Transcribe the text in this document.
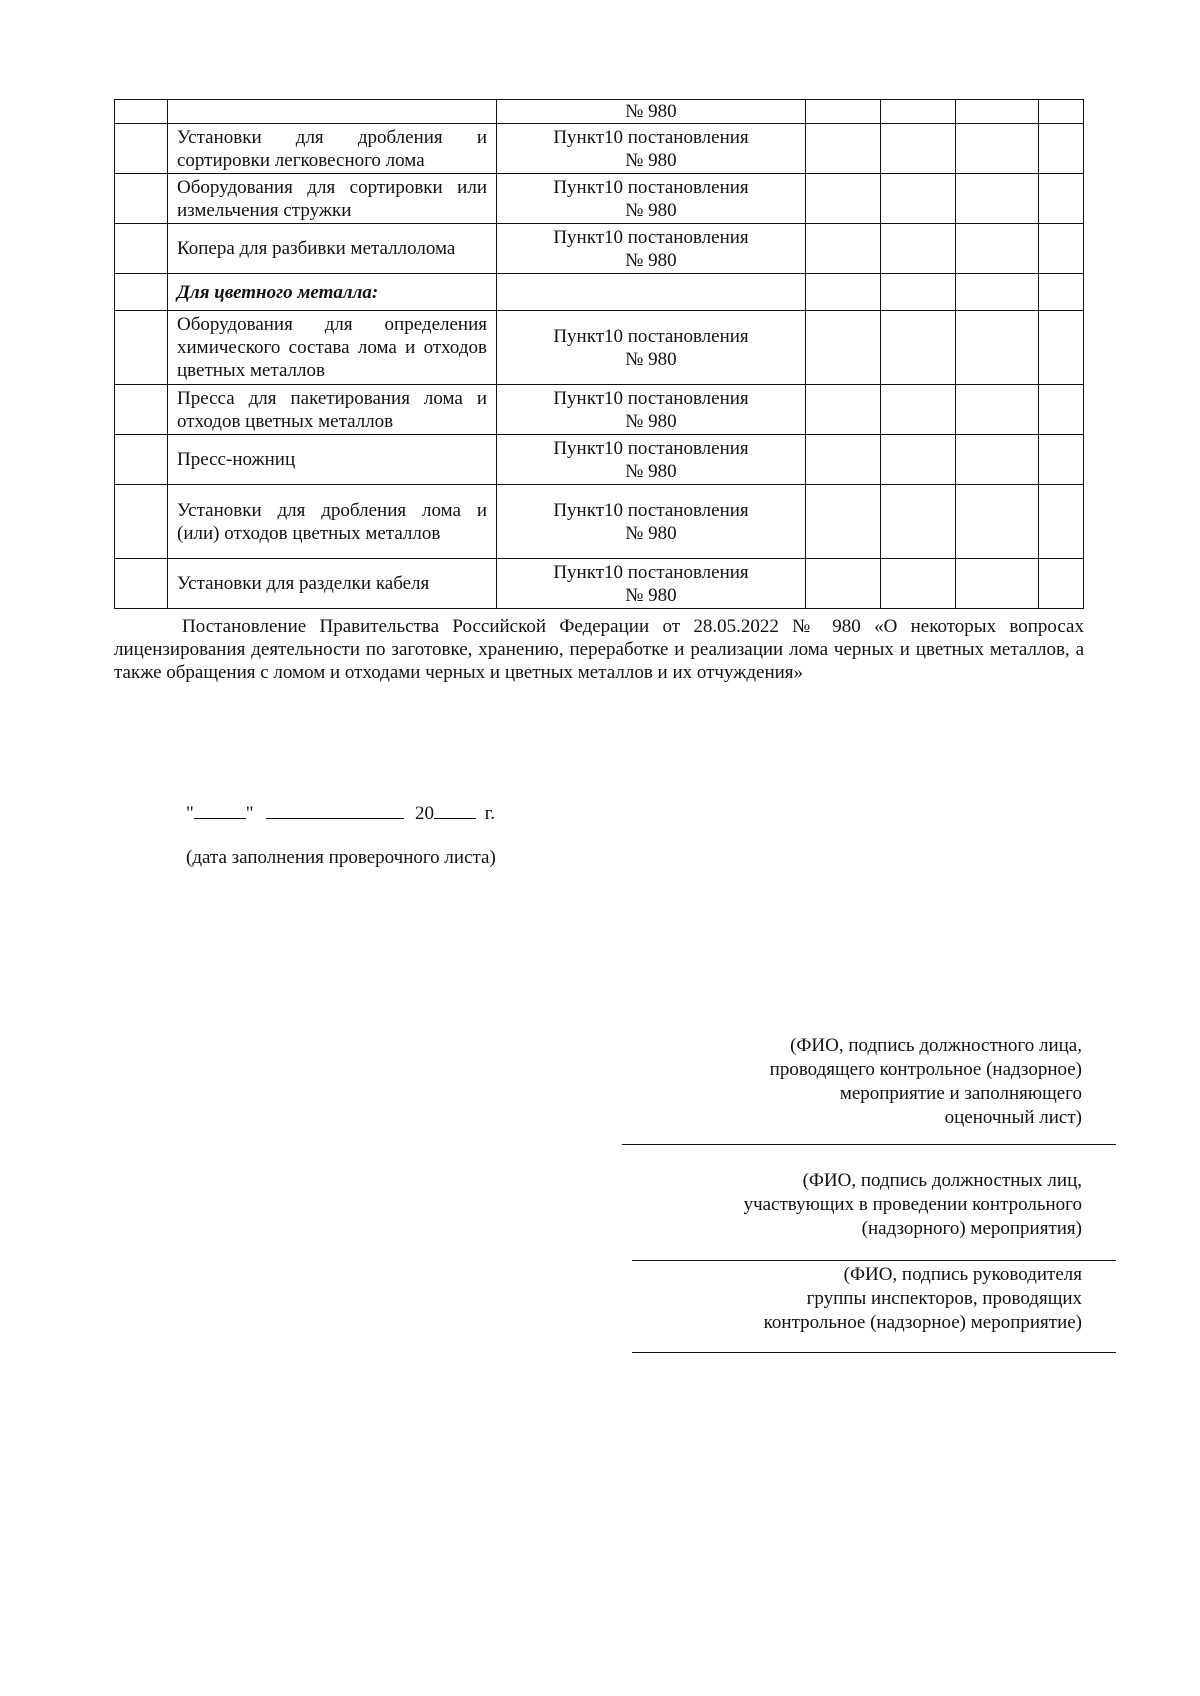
		№ 980				

	Установки для дробления и сортировки легковесного лома	Пункт10 постановления
№ 980				

	Оборудования для сортировки или измельчения стружки	Пункт10 постановления
№ 980				

	Копера для разбивки металлолома	Пункт10 постановления
№ 980				

	Для цветного металла:					
	Оборудования для определения химического состава лома и отходов цветных металлов	Пункт10 постановления
№ 980				

	Пресса для пакетирования лома и отходов цветных металлов	Пункт10 постановления
№ 980				

	Пресс-ножниц	Пункт10 постановления
№ 980				

	Установки для дробления лома и (или) отходов цветных металлов	Пункт10 постановления
№ 980				

	Установки для разделки кабеля	Пункт10 постановления
№ 980				

Постановление Правительства Российской Федерации от 28.05.2022 № 980 «О некоторых вопросах лицензирования деятельности по заготовке, хранению, переработке и реализации лома черных и цветных металлов, а также обращения с ломом и отходами черных и цветных металлов и их отчуждения»
"	"	20	г.
(дата заполнения проверочного листа)
(ФИО, подпись должностного лица,
проводящего контрольное (надзорное)
мероприятие и заполняющего
оценочный лист)
(ФИО, подпись должностных лиц,
участвующих в проведении контрольного
(надзорного) мероприятия)
(ФИО, подпись руководителя
группы инспекторов, проводящих
контрольное (надзорное) мероприятие)
